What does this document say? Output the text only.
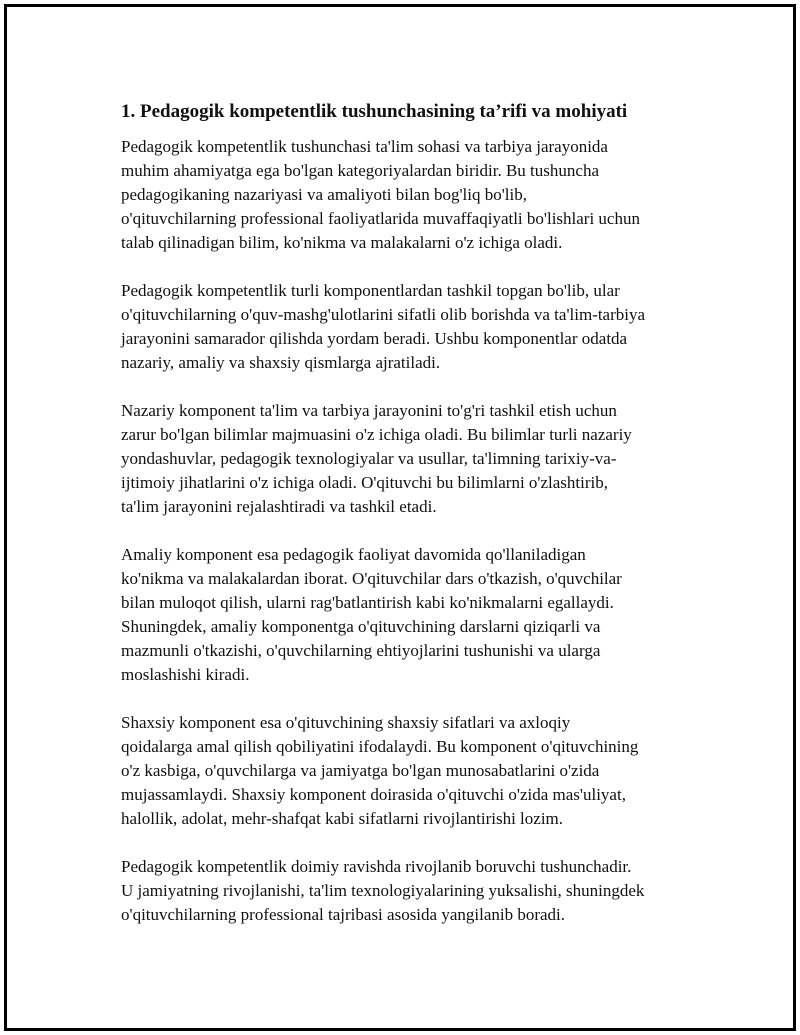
1. Pedagogik kompetentlik tushunchasining ta’rifi va mohiyati

Pedagogik kompetentlik tushunchasi ta'lim sohasi va tarbiya jarayonida
muhim ahamiyatga ega bo'lgan kategoriyalardan biridir. Bu tushuncha
pedagogikaning nazariyasi va amaliyoti bilan bog'liq bo'lib,
o'qituvchilarning professional faoliyatlarida muvaffaqiyatli bo'lishlari uchun
talab qilinadigan bilim, ko'nikma va malakalarni o'z ichiga oladi.

Pedagogik kompetentlik turli komponentlardan tashkil topgan bo'lib, ular
o'qituvchilarning o'quv-mashg'ulotlarini sifatli olib borishda va ta'lim-tarbiya
jarayonini samarador qilishda yordam beradi. Ushbu komponentlar odatda
nazariy, amaliy va shaxsiy qismlarga ajratiladi.

Nazariy komponent ta'lim va tarbiya jarayonini to'g'ri tashkil etish uchun
zarur bo'lgan bilimlar majmuasini o'z ichiga oladi. Bu bilimlar turli nazariy
yondashuvlar, pedagogik texnologiyalar va usullar, ta'limning tarixiy-va-
ijtimoiy jihatlarini o'z ichiga oladi. O'qituvchi bu bilimlarni o'zlashtirib,
ta'lim jarayonini rejalashtiradi va tashkil etadi.

Amaliy komponent esa pedagogik faoliyat davomida qo'llaniladigan
ko'nikma va malakalardan iborat. O'qituvchilar dars o'tkazish, o'quvchilar
bilan muloqot qilish, ularni rag'batlantirish kabi ko'nikmalarni egallaydi.
Shuningdek, amaliy komponentga o'qituvchining darslarni qiziqarli va
mazmunli o'tkazishi, o'quvchilarning ehtiyojlarini tushunishi va ularga
moslashishi kiradi.

Shaxsiy komponent esa o'qituvchining shaxsiy sifatlari va axloqiy
qoidalarga amal qilish qobiliyatini ifodalaydi. Bu komponent o'qituvchining
o'z kasbiga, o'quvchilarga va jamiyatga bo'lgan munosabatlarini o'zida
mujassamlaydi. Shaxsiy komponent doirasida o'qituvchi o'zida mas'uliyat,
halollik, adolat, mehr-shafqat kabi sifatlarni rivojlantirishi lozim.

Pedagogik kompetentlik doimiy ravishda rivojlanib boruvchi tushunchadir.
U jamiyatning rivojlanishi, ta'lim texnologiyalarining yuksalishi, shuningdek
o'qituvchilarning professional tajribasi asosida yangilanib boradi.
